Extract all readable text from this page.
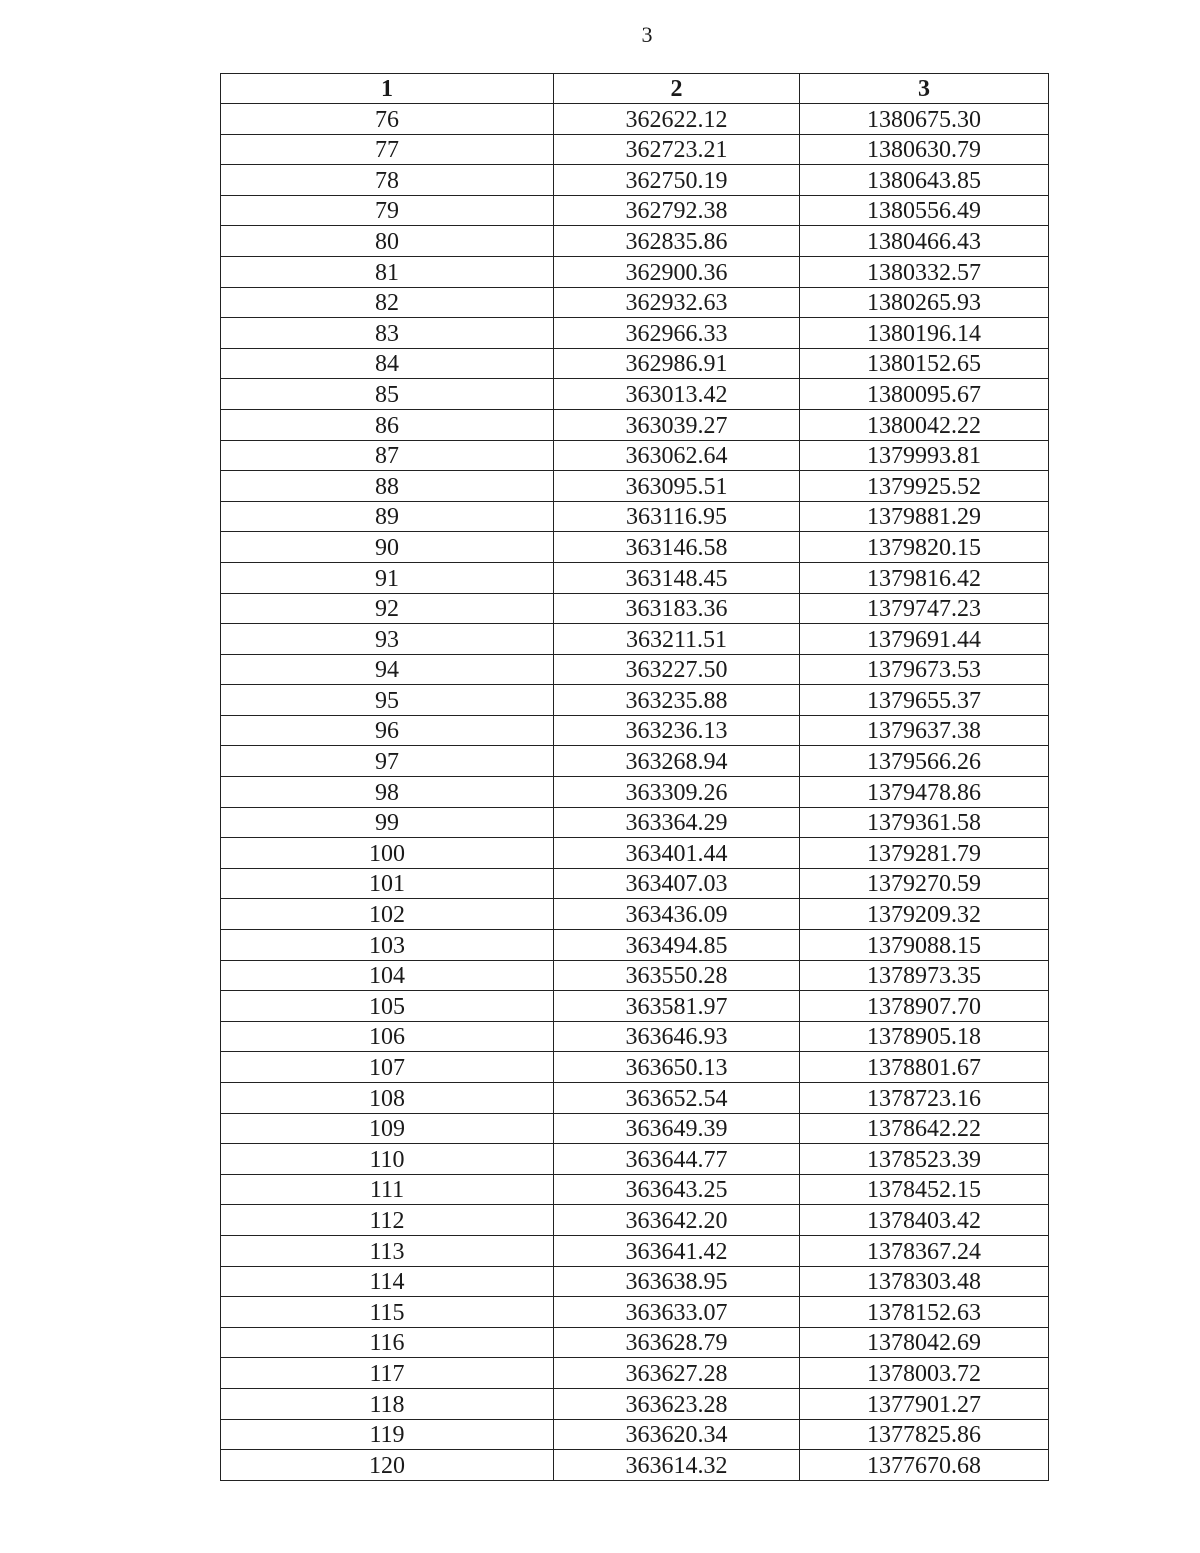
3
1	2	3
76	362622.12	1380675.30
77	362723.21	1380630.79
78	362750.19	1380643.85
79	362792.38	1380556.49
80	362835.86	1380466.43
81	362900.36	1380332.57
82	362932.63	1380265.93
83	362966.33	1380196.14
84	362986.91	1380152.65
85	363013.42	1380095.67
86	363039.27	1380042.22
87	363062.64	1379993.81
88	363095.51	1379925.52
89	363116.95	1379881.29
90	363146.58	1379820.15
91	363148.45	1379816.42
92	363183.36	1379747.23
93	363211.51	1379691.44
94	363227.50	1379673.53
95	363235.88	1379655.37
96	363236.13	1379637.38
97	363268.94	1379566.26
98	363309.26	1379478.86
99	363364.29	1379361.58
100	363401.44	1379281.79
101	363407.03	1379270.59
102	363436.09	1379209.32
103	363494.85	1379088.15
104	363550.28	1378973.35
105	363581.97	1378907.70
106	363646.93	1378905.18
107	363650.13	1378801.67
108	363652.54	1378723.16
109	363649.39	1378642.22
110	363644.77	1378523.39
111	363643.25	1378452.15
112	363642.20	1378403.42
113	363641.42	1378367.24
114	363638.95	1378303.48
115	363633.07	1378152.63
116	363628.79	1378042.69
117	363627.28	1378003.72
118	363623.28	1377901.27
119	363620.34	1377825.86
120	363614.32	1377670.68
